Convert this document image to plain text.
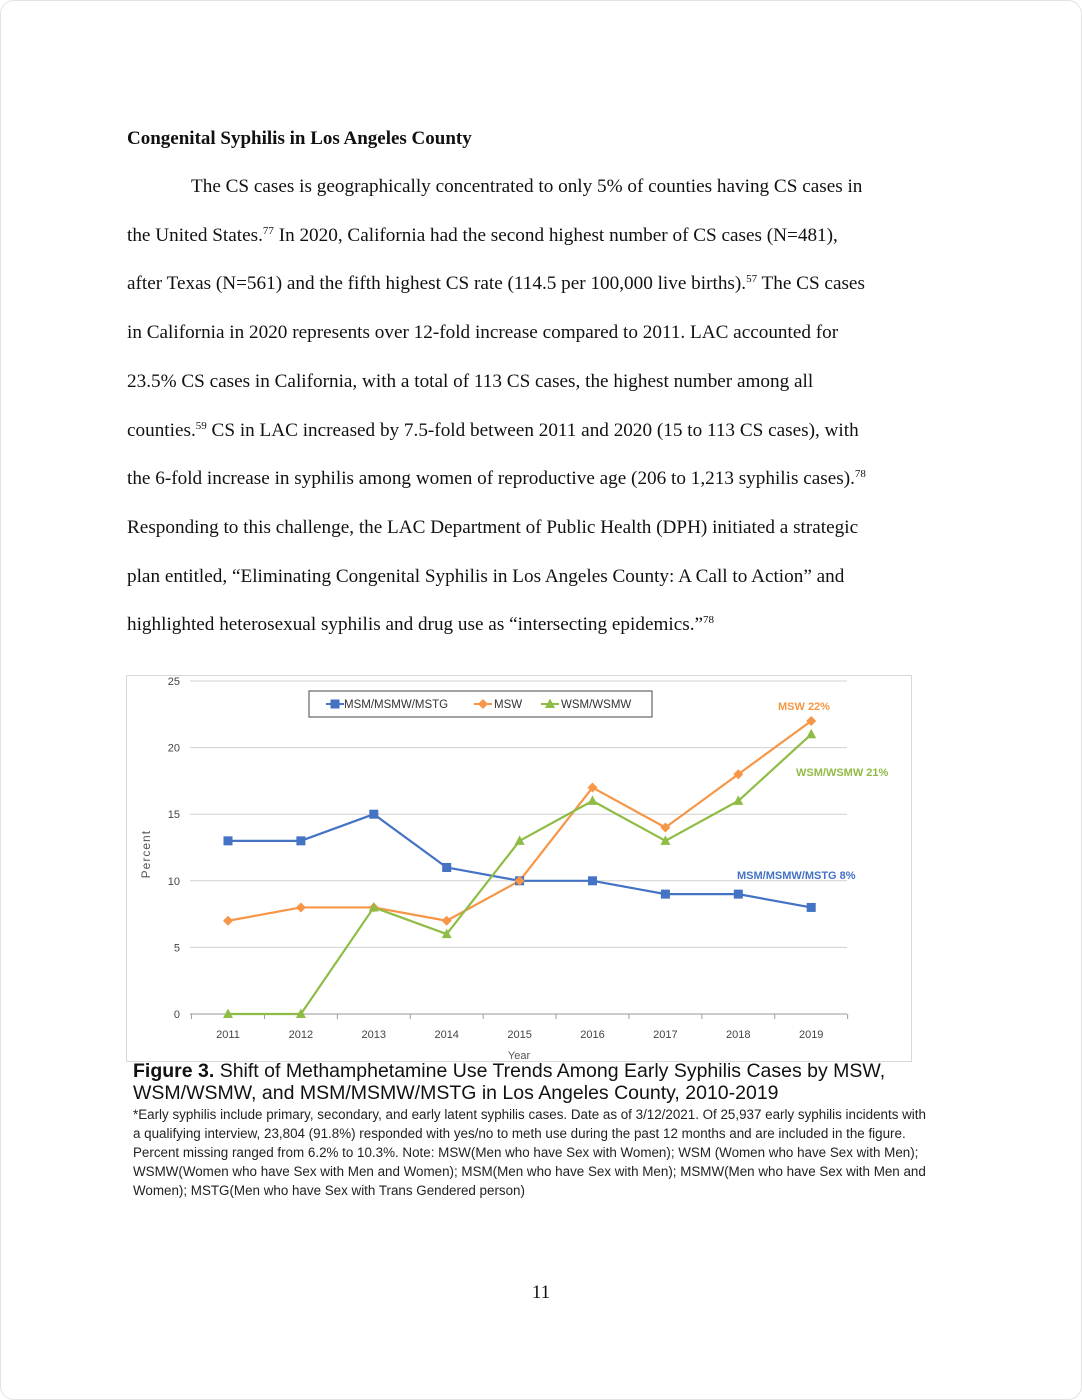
Congenital Syphilis in Los Angeles County
The CS cases is geographically concentrated to only 5% of counties having CS cases in
the United States.$^{77}$ In 2020, California had the second highest number of CS cases (N=481),
after Texas (N=561) and the fifth highest CS rate (114.5 per 100,000 live births).$^{57}$ The CS cases
in California in 2020 represents over 12-fold increase compared to 2011. LAC accounted for
23.5% CS cases in California, with a total of 113 CS cases, the highest number among all
counties.$^{59}$ CS in LAC increased by 7.5-fold between 2011 and 2020 (15 to 113 CS cases), with
the 6-fold increase in syphilis among women of reproductive age (206 to 1,213 syphilis cases).$^{78}$
Responding to this challenge, the LAC Department of Public Health (DPH) initiated a strategic
plan entitled, “Eliminating Congenital Syphilis in Los Angeles County: A Call to Action” and
highlighted heterosexual syphilis and drug use as “intersecting epidemics.”$^{78}$
0
5
10
15
20
25
2011	2012	2013	2014	2015	2016	2017	2018	2019
Year
Percent
MSM/MSMW/MSTG	MSW	WSM/WSMW	MSW 22%
WSM/WSMW 21%
MSM/MSMW/MSTG 8%

Figure 3. Shift of Methamphetamine Use Trends Among Early Syphilis Cases by MSW, WSM/WSMW, and MSM/MSMW/MSTG in Los Angeles County, 2010-2019

*Early syphilis include primary, secondary, and early latent syphilis cases. Date as of 3/12/2021. Of 25,937 early syphilis incidents with a qualifying interview, 23,804 (91.8%) responded with yes/no to meth use during the past 12 months and are included in the figure. Percent missing ranged from 6.2% to 10.3%. Note: MSW(Men who have Sex with Women); WSM (Women who have Sex with Men); WSMW(Women who have Sex with Men and Women); MSM(Men who have Sex with Men); MSMW(Men who have Sex with Men and Women); MSTG(Men who have Sex with Trans Gendered person)

11
